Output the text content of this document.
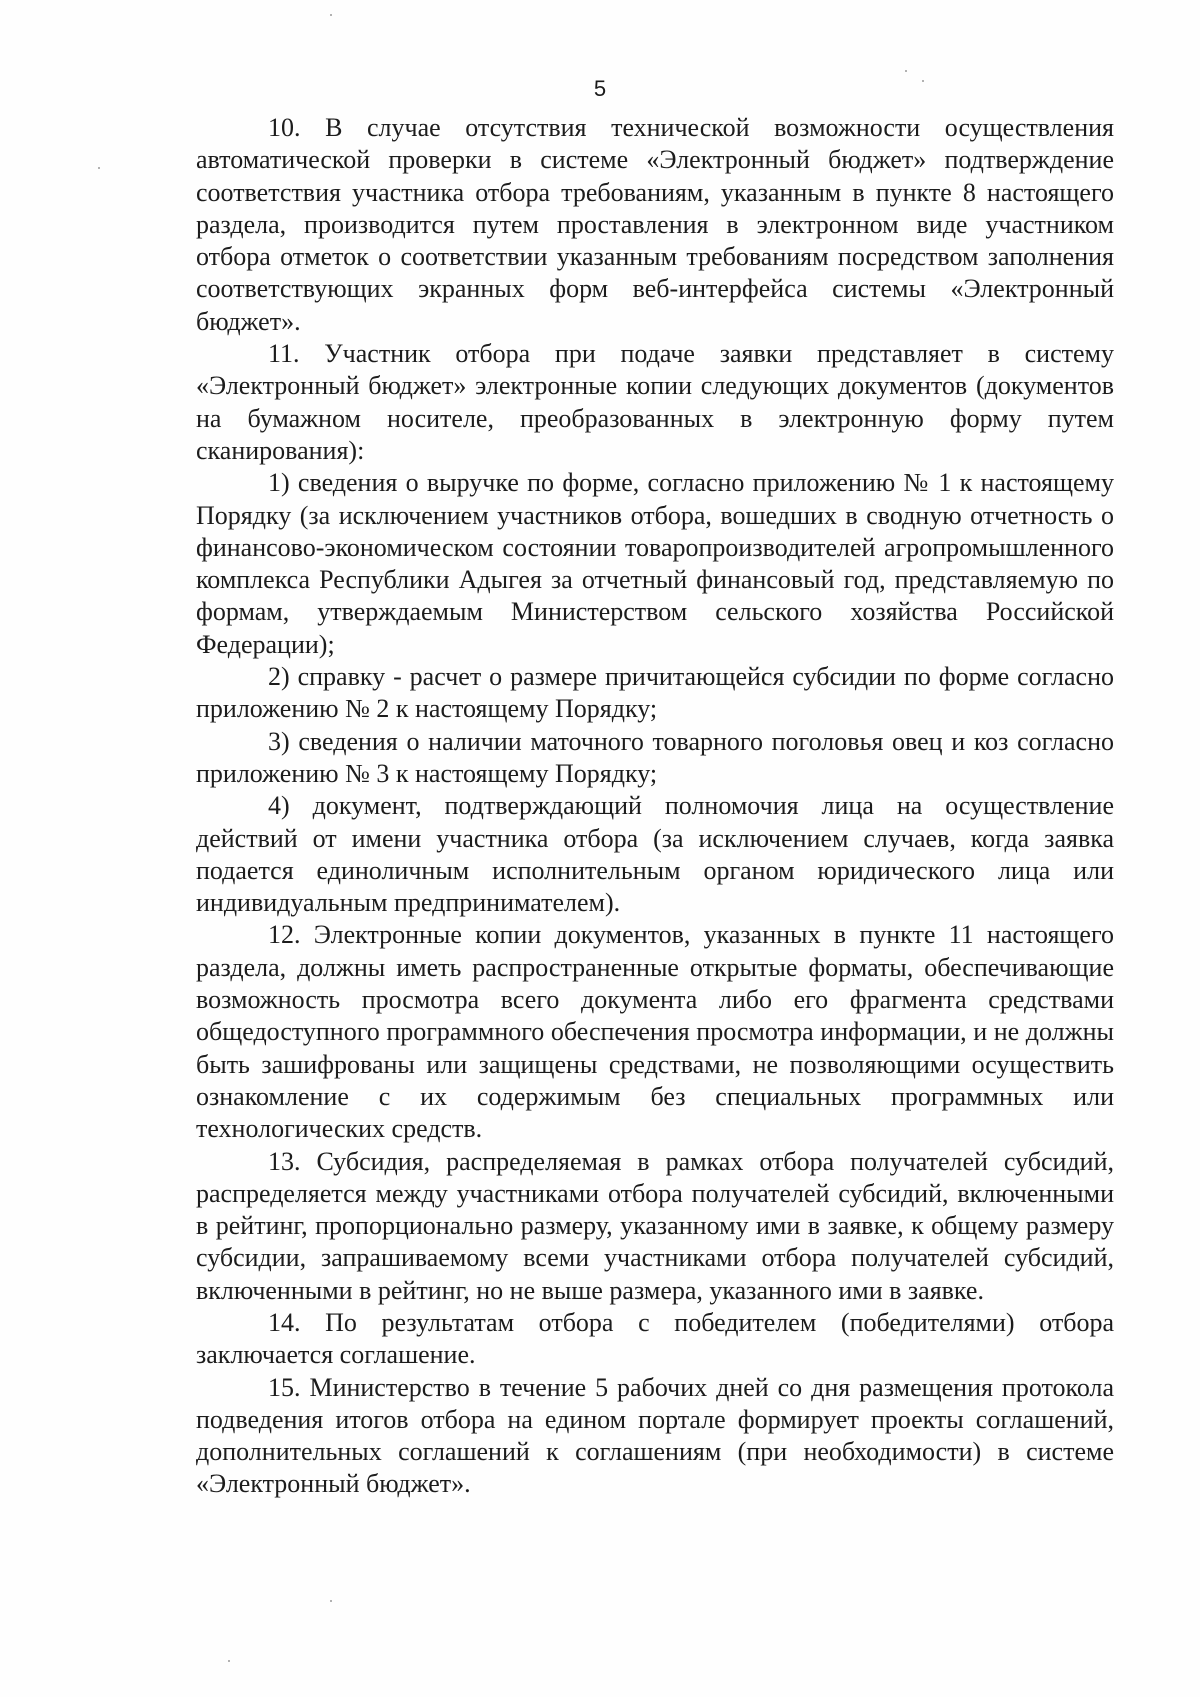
5

10. В случае отсутствия технической возможности осуществления автоматической проверки в системе «Электронный бюджет» подтверждение соответствия участника отбора требованиям, указанным в пункте 8 настоящего раздела, производится путем проставления в электронном виде участником отбора отметок о соответствии указанным требованиям посредством заполнения соответствующих экранных форм веб-интерфейса системы «Электронный бюджет».

11. Участник отбора при подаче заявки представляет в систему «Электронный бюджет» электронные копии следующих документов (документов на бумажном носителе, преобразованных в электронную форму путем сканирования):

1) сведения о выручке по форме, согласно приложению № 1 к настоящему Порядку (за исключением участников отбора, вошедших в сводную отчетность о финансово-экономическом состоянии товаропроизводителей агропромышленного комплекса Республики Адыгея за отчетный финансовый год, представляемую по формам, утверждаемым Министерством сельского хозяйства Российской Федерации);

2) справку - расчет о размере причитающейся субсидии по форме согласно приложению № 2 к настоящему Порядку;

3) сведения о наличии маточного товарного поголовья овец и коз согласно приложению № 3 к настоящему Порядку;

4) документ, подтверждающий полномочия лица на осуществление действий от имени участника отбора (за исключением случаев, когда заявка подается единоличным исполнительным органом юридического лица или индивидуальным предпринимателем).

12. Электронные копии документов, указанных в пункте 11 настоящего раздела, должны иметь распространенные открытые форматы, обеспечивающие возможность просмотра всего документа либо его фрагмента средствами общедоступного программного обеспечения просмотра информации, и не должны быть зашифрованы или защищены средствами, не позволяющими осуществить ознакомление с их содержимым без специальных программных или технологических средств.

13. Субсидия, распределяемая в рамках отбора получателей субсидий, распределяется между участниками отбора получателей субсидий, включенными в рейтинг, пропорционально размеру, указанному ими в заявке, к общему размеру субсидии, запрашиваемому всеми участниками отбора получателей субсидий, включенными в рейтинг, но не выше размера, указанного ими в заявке.

14. По результатам отбора с победителем (победителями) отбора заключается соглашение.

15. Министерство в течение 5 рабочих дней со дня размещения протокола подведения итогов отбора на едином портале формирует проекты соглашений, дополнительных соглашений к соглашениям (при необходимости) в системе «Электронный бюджет».
